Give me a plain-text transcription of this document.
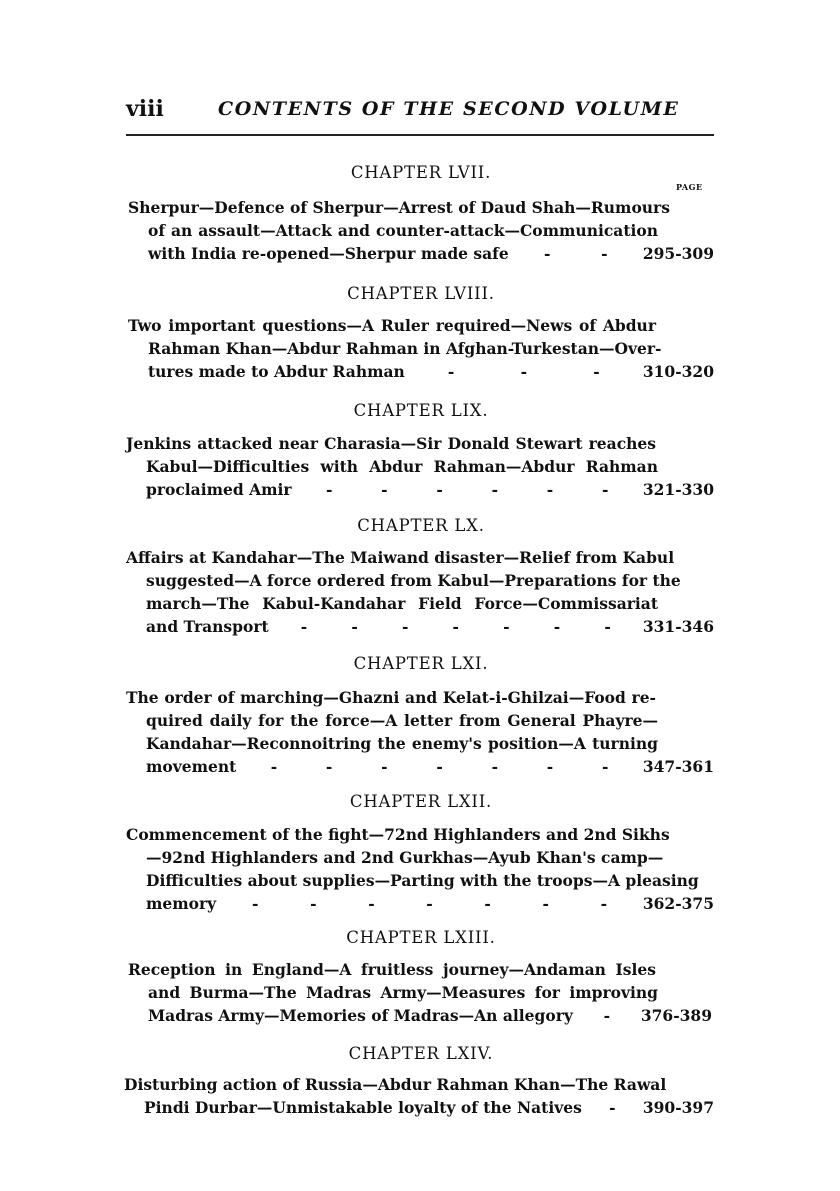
viii	CONTENTS OF THE SECOND VOLUME
PAGE
CHAPTER LVII.
Sherpur—Defence of Sherpur—Arrest of Daud Shah—Rumours
of an assault—Attack and counter-attack—Communication
with India re-opened—Sherpur made safe -	- 295-309
CHAPTER LVIII.
Two important questions—A Ruler required—News of Abdur
Rahman Khan—Abdur Rahman in Afghan-Turkestan—Over-
tures made to Abdur Rahman	-	-	-	310-320
CHAPTER LIX.
Jenkins attacked near Charasia—Sir Donald Stewart reaches
Kabul—Difficulties with Abdur Rahman—Abdur Rahman
proclaimed Amir -	-	-	-	-	- 321-330
CHAPTER LX.
Affairs at Kandahar—The Maiwand disaster—Relief from Kabul
suggested—A force ordered from Kabul—Preparations for the
march—The Kabul-Kandahar Field Force—Commissariat
and Transport -	-	-	-	-	-	- 331-346
CHAPTER LXI.
The order of marching—Ghazni and Kelat-i-Ghilzai—Food re-
quired daily for the force—A letter from General Phayre—
Kandahar—Reconnoitring the enemy's position—A turning
movement -	-	-	-	-	-	- 347-361
CHAPTER LXII.
Commencement of the fight—72nd Highlanders and 2nd Sikhs
—92nd Highlanders and 2nd Gurkhas—Ayub Khan's camp—
Difficulties about supplies—Parting with the troops—A pleasing
memory -	-	-	-	-	-	- 362-375
CHAPTER LXIII.
Reception in England—A fruitless journey—Andaman Isles
and Burma—The Madras Army—Measures for improving
Madras Army—Memories of Madras—An allegory - 376-389
CHAPTER LXIV.
Disturbing action of Russia—Abdur Rahman Khan—The Rawal
Pindi Durbar—Unmistakable loyalty of the Natives - 390-397
